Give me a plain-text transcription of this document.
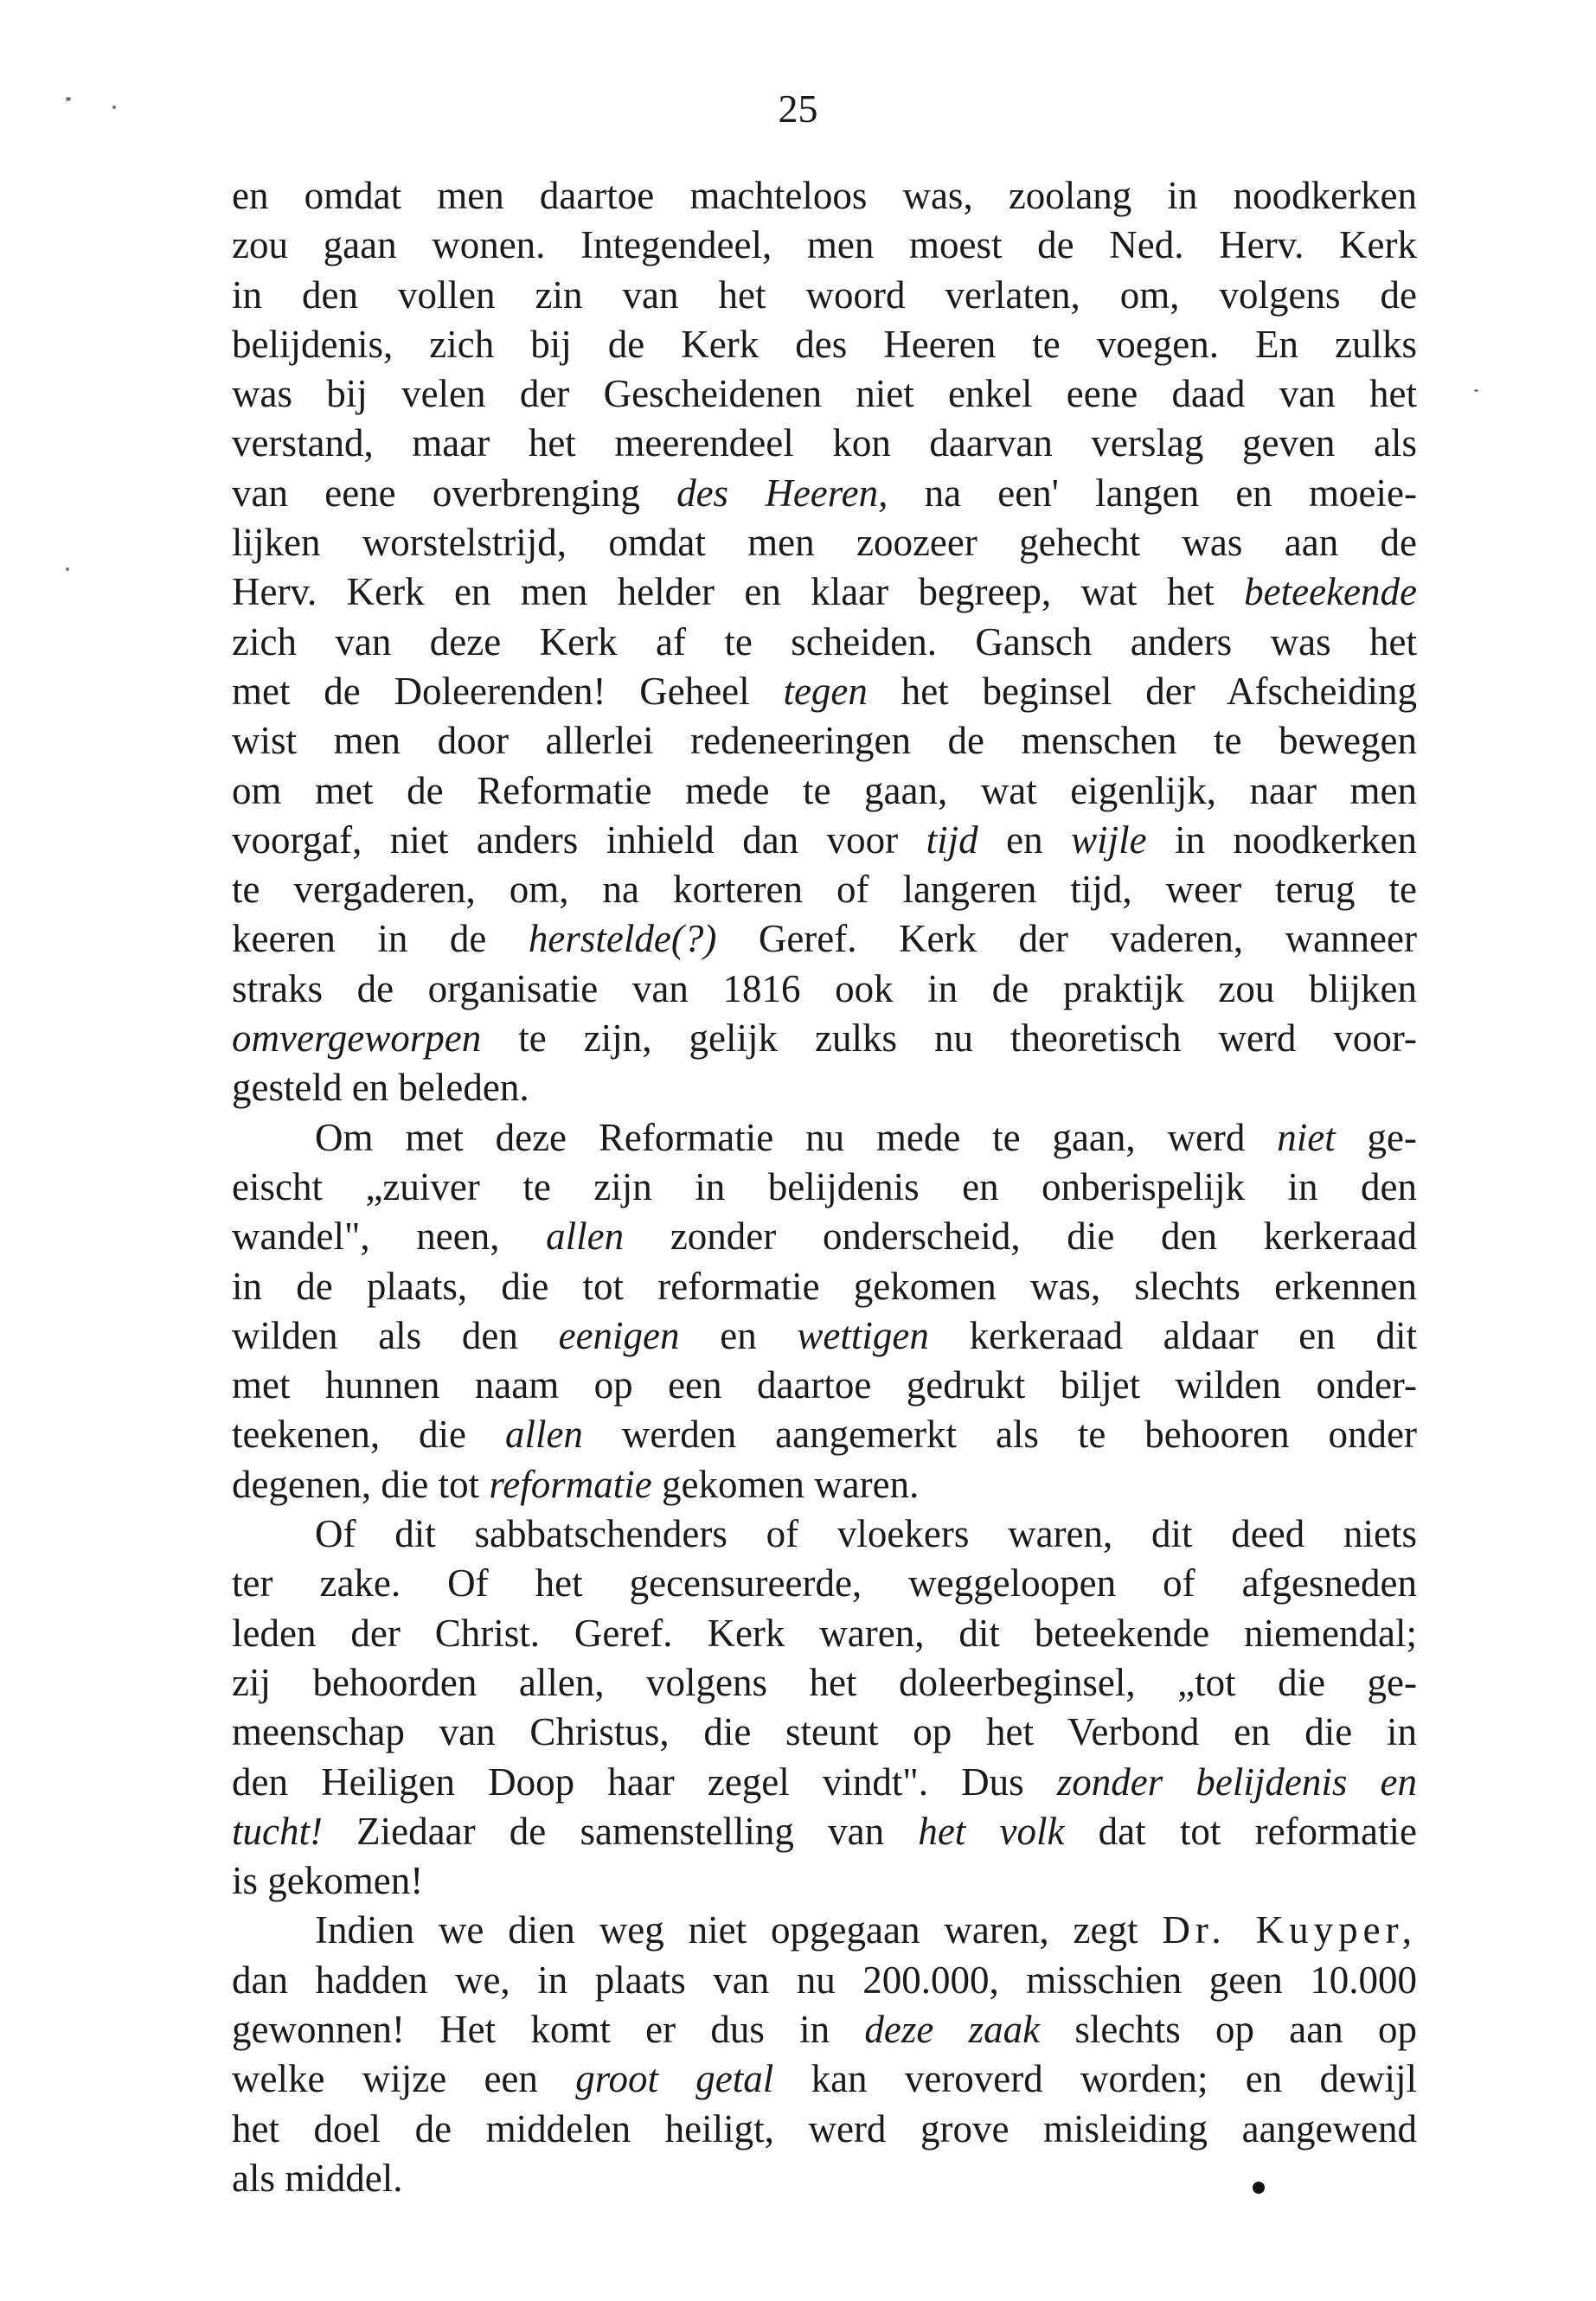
25
en omdat men daartoe machteloos was, zoolang in noodkerken
zou gaan wonen. Integendeel, men moest de Ned. Herv. Kerk
in den vollen zin van het woord verlaten, om, volgens de
belijdenis, zich bij de Kerk des Heeren te voegen. En zulks
was bij velen der Gescheidenen niet enkel eene daad van het
verstand, maar het meerendeel kon daarvan verslag geven als
van eene overbrenging des Heeren, na een' langen en moeie-
lijken worstelstrijd, omdat men zoozeer gehecht was aan de
Herv. Kerk en men helder en klaar begreep, wat het beteekende
zich van deze Kerk af te scheiden. Gansch anders was het
met de Doleerenden! Geheel tegen het beginsel der Afscheiding
wist men door allerlei redeneeringen de menschen te bewegen
om met de Reformatie mede te gaan, wat eigenlijk, naar men
voorgaf, niet anders inhield dan voor tijd en wijle in noodkerken
te vergaderen, om, na korteren of langeren tijd, weer terug te
keeren in de herstelde(?) Geref. Kerk der vaderen, wanneer
straks de organisatie van 1816 ook in de praktijk zou blijken
omvergeworpen te zijn, gelijk zulks nu theoretisch werd voor-
gesteld en beleden.
Om met deze Reformatie nu mede te gaan, werd niet ge-
eischt „zuiver te zijn in belijdenis en onberispelijk in den
wandel", neen, allen zonder onderscheid, die den kerkeraad
in de plaats, die tot reformatie gekomen was, slechts erkennen
wilden als den eenigen en wettigen kerkeraad aldaar en dit
met hunnen naam op een daartoe gedrukt biljet wilden onder-
teekenen, die allen werden aangemerkt als te behooren onder
degenen, die tot reformatie gekomen waren.
Of dit sabbatschenders of vloekers waren, dit deed niets
ter zake. Of het gecensureerde, weggeloopen of afgesneden
leden der Christ. Geref. Kerk waren, dit beteekende niemendal;
zij behoorden allen, volgens het doleerbeginsel, „tot die ge-
meenschap van Christus, die steunt op het Verbond en die in
den Heiligen Doop haar zegel vindt". Dus zonder belijdenis en
tucht! Ziedaar de samenstelling van het volk dat tot reformatie
is gekomen!
Indien we dien weg niet opgegaan waren, zegt Dr. Kuyper,
dan hadden we, in plaats van nu 200.000, misschien geen 10.000
gewonnen! Het komt er dus in deze zaak slechts op aan op
welke wijze een groot getal kan veroverd worden; en dewijl
het doel de middelen heiligt, werd grove misleiding aangewend
als middel.
